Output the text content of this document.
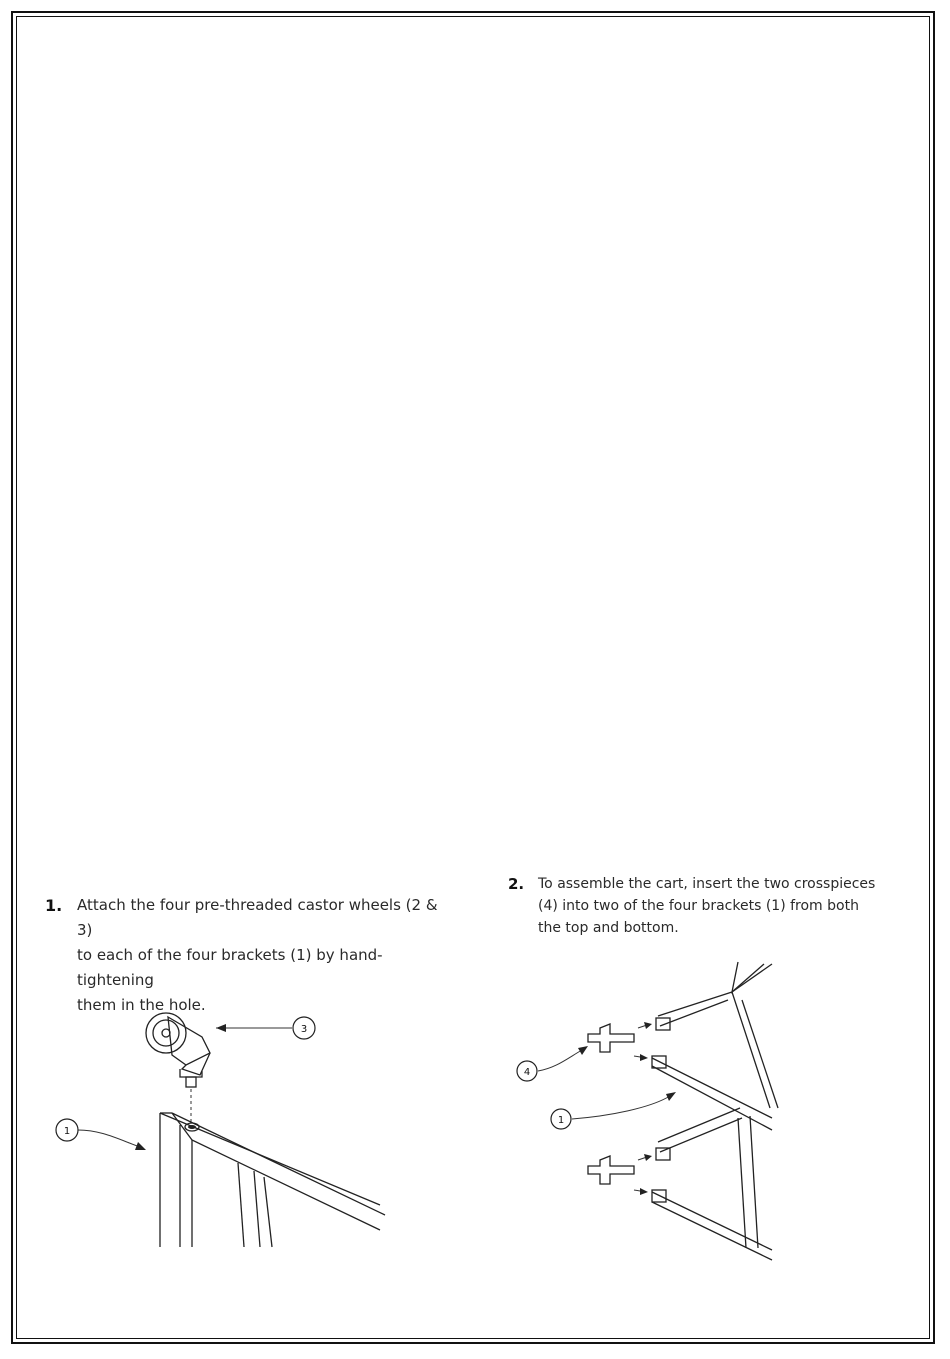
1. Attach the four pre-threaded castor wheels (2 & 3)
to each of the four brackets (1) by hand-tightening
them in the hole.
2. To assemble the cart, insert the two crosspieces
(4) into two of the four brackets (1) from both
the top and bottom.
3
1
4
1
